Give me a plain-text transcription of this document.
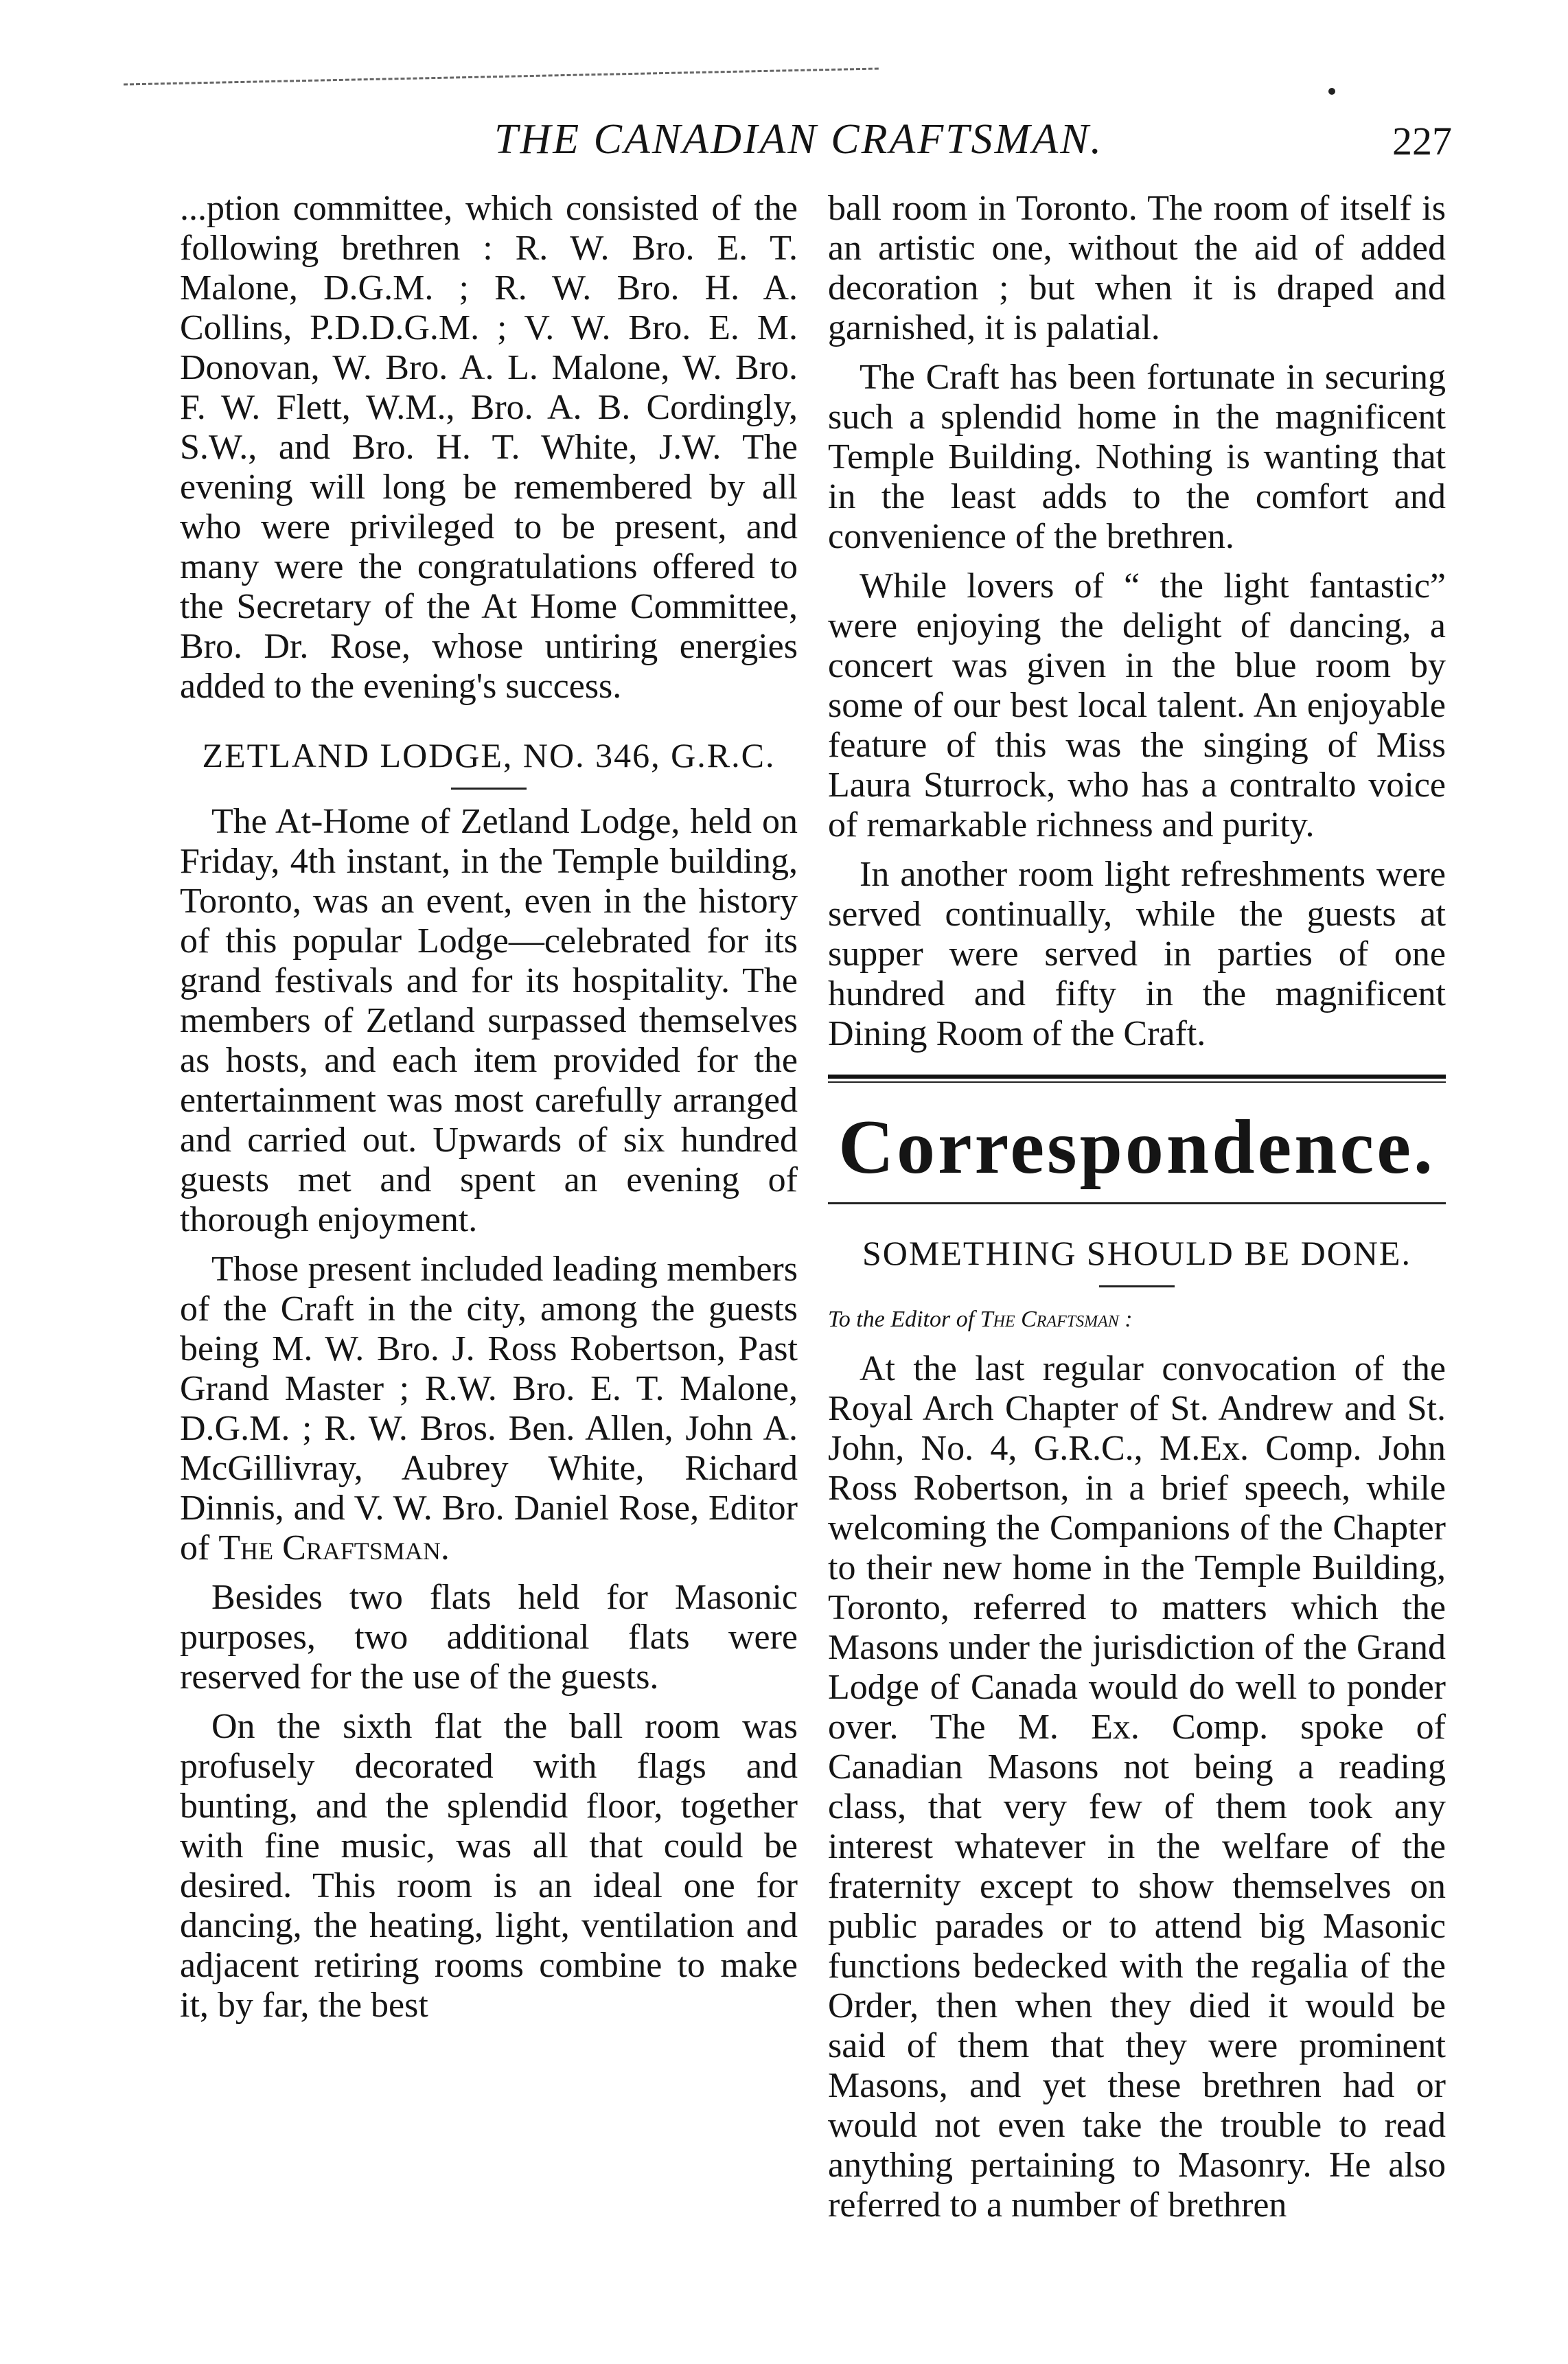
THE CANADIAN CRAFTSMAN.	227

...ption committee, which consisted of the following brethren : R. W. Bro. E. T. Malone, D.G.M. ; R. W. Bro. H. A. Collins, P.D.D.G.M. ; V. W. Bro. E. M. Donovan, W. Bro. A. L. Malone, W. Bro. F. W. Flett, W.M., Bro. A. B. Cordingly, S.W., and Bro. H. T. White, J.W. The evening will long be remembered by all who were privileged to be present, and many were the congratulations offered to the Secretary of the At Home Committee, Bro. Dr. Rose, whose untiring energies added to the evening's success.

ZETLAND LODGE, NO. 346, G.R.C.

The At-Home of Zetland Lodge, held on Friday, 4th instant, in the Temple building, Toronto, was an event, even in the history of this popular Lodge—celebrated for its grand festivals and for its hospitality. The members of Zetland surpassed themselves as hosts, and each item provided for the entertainment was most carefully arranged and carried out. Upwards of six hundred guests met and spent an evening of thorough enjoyment.

Those present included leading members of the Craft in the city, among the guests being M. W. Bro. J. Ross Robertson, Past Grand Master ; R.W. Bro. E. T. Malone, D.G.M. ; R. W. Bros. Ben. Allen, John A. McGillivray, Aubrey White, Richard Dinnis, and V. W. Bro. Daniel Rose, Editor of The Craftsman.

Besides two flats held for Masonic purposes, two additional flats were reserved for the use of the guests.

On the sixth flat the ball room was profusely decorated with flags and bunting, and the splendid floor, together with fine music, was all that could be desired. This room is an ideal one for dancing, the heating, light, ventilation and adjacent retiring rooms combine to make it, by far, the best

ball room in Toronto. The room of itself is an artistic one, without the aid of added decoration ; but when it is draped and garnished, it is palatial.

The Craft has been fortunate in securing such a splendid home in the magnificent Temple Building. Nothing is wanting that in the least adds to the comfort and convenience of the brethren.

While lovers of “ the light fantastic” were enjoying the delight of dancing, a concert was given in the blue room by some of our best local talent. An enjoyable feature of this was the singing of Miss Laura Sturrock, who has a contralto voice of remarkable richness and purity.

In another room light refreshments were served continually, while the guests at supper were served in parties of one hundred and fifty in the magnificent Dining Room of the Craft.

Correspondence.
SOMETHING SHOULD BE DONE.
To the Editor of The Craftsman :

At the last regular convocation of the Royal Arch Chapter of St. Andrew and St. John, No. 4, G.R.C., M.Ex. Comp. John Ross Robertson, in a brief speech, while welcoming the Companions of the Chapter to their new home in the Temple Building, Toronto, referred to matters which the Masons under the jurisdiction of the Grand Lodge of Canada would do well to ponder over. The M. Ex. Comp. spoke of Canadian Masons not being a reading class, that very few of them took any interest whatever in the welfare of the fraternity except to show themselves on public parades or to attend big Masonic functions bedecked with the regalia of the Order, then when they died it would be said of them that they were prominent Masons, and yet these brethren had or would not even take the trouble to read anything pertaining to Masonry. He also referred to a number of brethren
